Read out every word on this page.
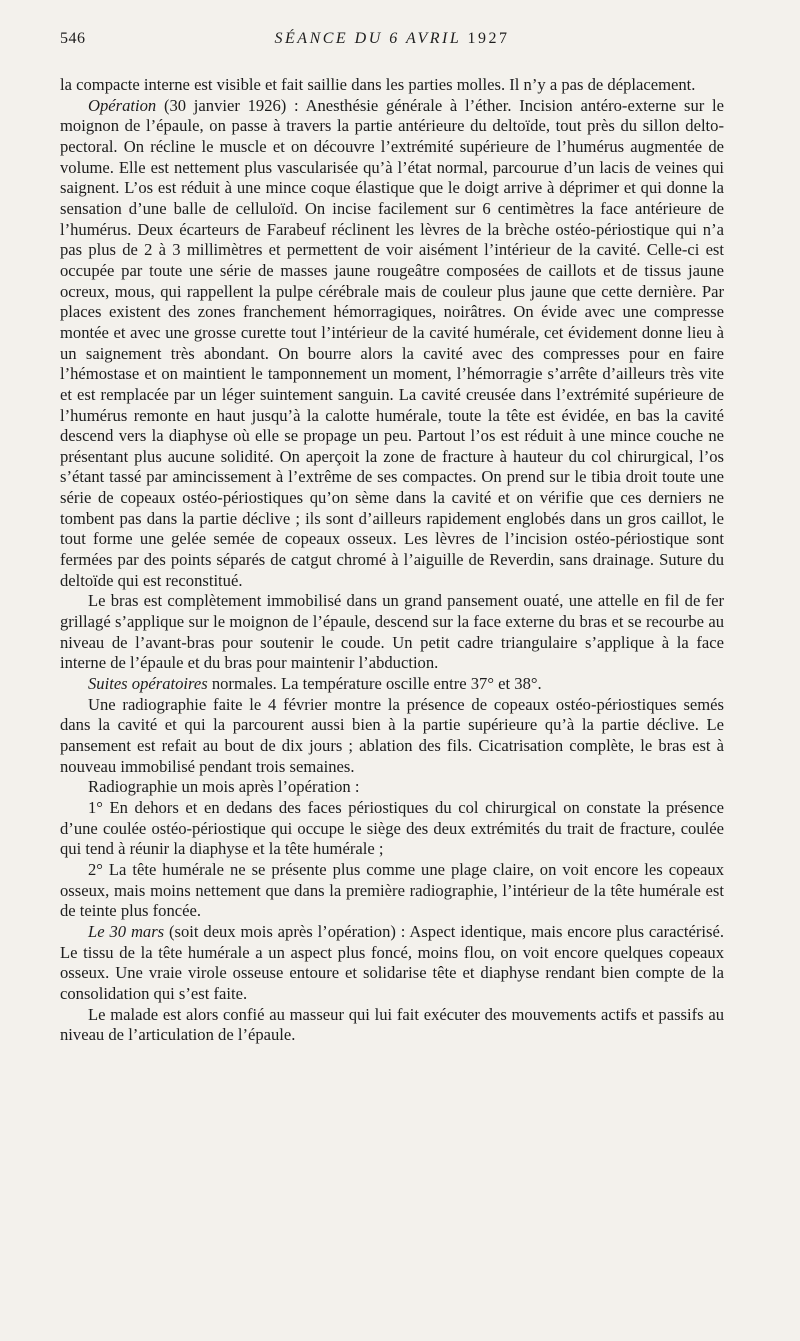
546	SÉANCE DU 6 AVRIL 1927

la compacte interne est visible et fait saillie dans les parties molles. Il n’y a pas de déplacement.

Opération (30 janvier 1926) : Anesthésie générale à l’éther. Incision antéro-externe sur le moignon de l’épaule, on passe à travers la partie antérieure du deltoïde, tout près du sillon delto-pectoral. On récline le muscle et on découvre l’extrémité supérieure de l’humérus augmentée de volume. Elle est nettement plus vascularisée qu’à l’état normal, parcourue d’un lacis de veines qui saignent. L’os est réduit à une mince coque élastique que le doigt arrive à déprimer et qui donne la sensation d’une balle de celluloïd. On incise facilement sur 6 centimètres la face antérieure de l’humérus. Deux écarteurs de Farabeuf réclinent les lèvres de la brèche ostéo-périostique qui n’a pas plus de 2 à 3 millimètres et permettent de voir aisément l’intérieur de la cavité. Celle-ci est occupée par toute une série de masses jaune rougeâtre composées de caillots et de tissus jaune ocreux, mous, qui rappellent la pulpe cérébrale mais de couleur plus jaune que cette dernière. Par places existent des zones franchement hémorragiques, noirâtres. On évide avec une compresse montée et avec une grosse curette tout l’intérieur de la cavité humérale, cet évidement donne lieu à un saignement très abondant. On bourre alors la cavité avec des compresses pour en faire l’hémostase et on maintient le tamponnement un moment, l’hémorragie s’arrête d’ailleurs très vite et est remplacée par un léger suintement sanguin. La cavité creusée dans l’extrémité supérieure de l’humérus remonte en haut jusqu’à la calotte humérale, toute la tête est évidée, en bas la cavité descend vers la diaphyse où elle se propage un peu. Partout l’os est réduit à une mince couche ne présentant plus aucune solidité. On aperçoit la zone de fracture à hauteur du col chirurgical, l’os s’étant tassé par amincissement à l’extrême de ses compactes. On prend sur le tibia droit toute une série de copeaux ostéo-périostiques qu’on sème dans la cavité et on vérifie que ces derniers ne tombent pas dans la partie déclive ; ils sont d’ailleurs rapidement englobés dans un gros caillot, le tout forme une gelée semée de copeaux osseux. Les lèvres de l’incision ostéo-périostique sont fermées par des points séparés de catgut chromé à l’aiguille de Reverdin, sans drainage. Suture du deltoïde qui est reconstitué.

Le bras est complètement immobilisé dans un grand pansement ouaté, une attelle en fil de fer grillagé s’applique sur le moignon de l’épaule, descend sur la face externe du bras et se recourbe au niveau de l’avant-bras pour soutenir le coude. Un petit cadre triangulaire s’applique à la face interne de l’épaule et du bras pour maintenir l’abduction.

Suites opératoires normales. La température oscille entre 37° et 38°.

Une radiographie faite le 4 février montre la présence de copeaux ostéo-périostiques semés dans la cavité et qui la parcourent aussi bien à la partie supérieure qu’à la partie déclive. Le pansement est refait au bout de dix jours ; ablation des fils. Cicatrisation complète, le bras est à nouveau immobilisé pendant trois semaines.

Radiographie un mois après l’opération :

1° En dehors et en dedans des faces périostiques du col chirurgical on constate la présence d’une coulée ostéo-périostique qui occupe le siège des deux extrémités du trait de fracture, coulée qui tend à réunir la diaphyse et la tête humérale ;

2° La tête humérale ne se présente plus comme une plage claire, on voit encore les copeaux osseux, mais moins nettement que dans la première radiographie, l’intérieur de la tête humérale est de teinte plus foncée.

Le 30 mars (soit deux mois après l’opération) : Aspect identique, mais encore plus caractérisé. Le tissu de la tête humérale a un aspect plus foncé, moins flou, on voit encore quelques copeaux osseux. Une vraie virole osseuse entoure et solidarise tête et diaphyse rendant bien compte de la consolidation qui s’est faite.

Le malade est alors confié au masseur qui lui fait exécuter des mouvements actifs et passifs au niveau de l’articulation de l’épaule.
